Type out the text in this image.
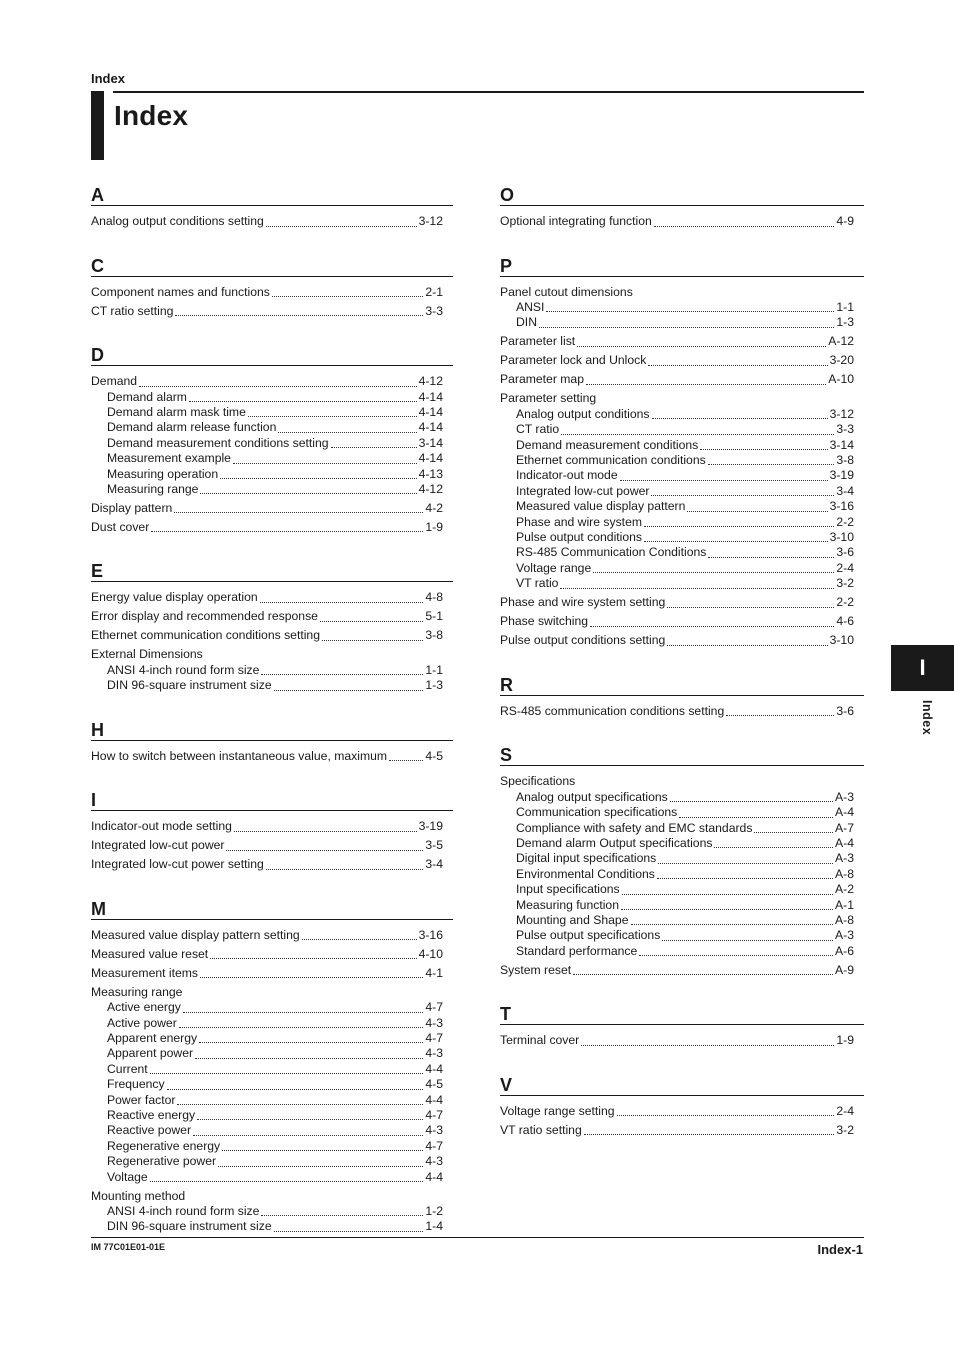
Index
Index
A
Analog output conditions setting	3-12
C
Component names and functions	2-1
CT ratio setting	3-3
D
Demand	4-12
Demand alarm	4-14
Demand alarm mask time	4-14
Demand alarm release function	4-14
Demand measurement conditions setting	3-14
Measurement example	4-14
Measuring operation	4-13
Measuring range	4-12
Display pattern	4-2
Dust cover	1-9
E
Energy value display operation	4-8
Error display and recommended response	5-1
Ethernet communication conditions setting	3-8
External Dimensions
ANSI 4-inch round form size	1-1
DIN 96-square instrument size	1-3
H
How to switch between instantaneous value, maximum	4-5
I
Indicator-out mode setting	3-19
Integrated low-cut power	3-5
Integrated low-cut power setting	3-4
M
Measured value display pattern setting	3-16
Measured value reset	4-10
Measurement items	4-1
Measuring range
Active energy	4-7
Active power	4-3
Apparent energy	4-7
Apparent power	4-3
Current	4-4
Frequency	4-5
Power factor	4-4
Reactive energy	4-7
Reactive power	4-3
Regenerative energy	4-7
Regenerative power	4-3
Voltage	4-4
Mounting method
ANSI 4-inch round form size	1-2
DIN 96-square instrument size	1-4
O
Optional integrating function	4-9
P
Panel cutout dimensions
ANSI	1-1
DIN	1-3
Parameter list	A-12
Parameter lock and Unlock	3-20
Parameter map	A-10
Parameter setting
Analog output conditions	3-12
CT ratio	3-3
Demand measurement conditions	3-14
Ethernet communication conditions	3-8
Indicator-out mode	3-19
Integrated low-cut power	3-4
Measured value display pattern	3-16
Phase and wire system	2-2
Pulse output conditions	3-10
RS-485 Communication Conditions	3-6
Voltage range	2-4
VT ratio	3-2
Phase and wire system setting	2-2
Phase switching	4-6
Pulse output conditions setting	3-10
R
RS-485 communication conditions setting	3-6
S
Specifications
Analog output specifications	A-3
Communication specifications	A-4
Compliance with safety and EMC standards	A-7
Demand alarm Output specifications	A-4
Digital input specifications	A-3
Environmental Conditions	A-8
Input specifications	A-2
Measuring function	A-1
Mounting and Shape	A-8
Pulse output specifications	A-3
Standard performance	A-6
System reset	A-9
T
Terminal cover	1-9
V
Voltage range setting	2-4
VT ratio setting	3-2
I
Index
IM 77C01E01-01E	Index-1
